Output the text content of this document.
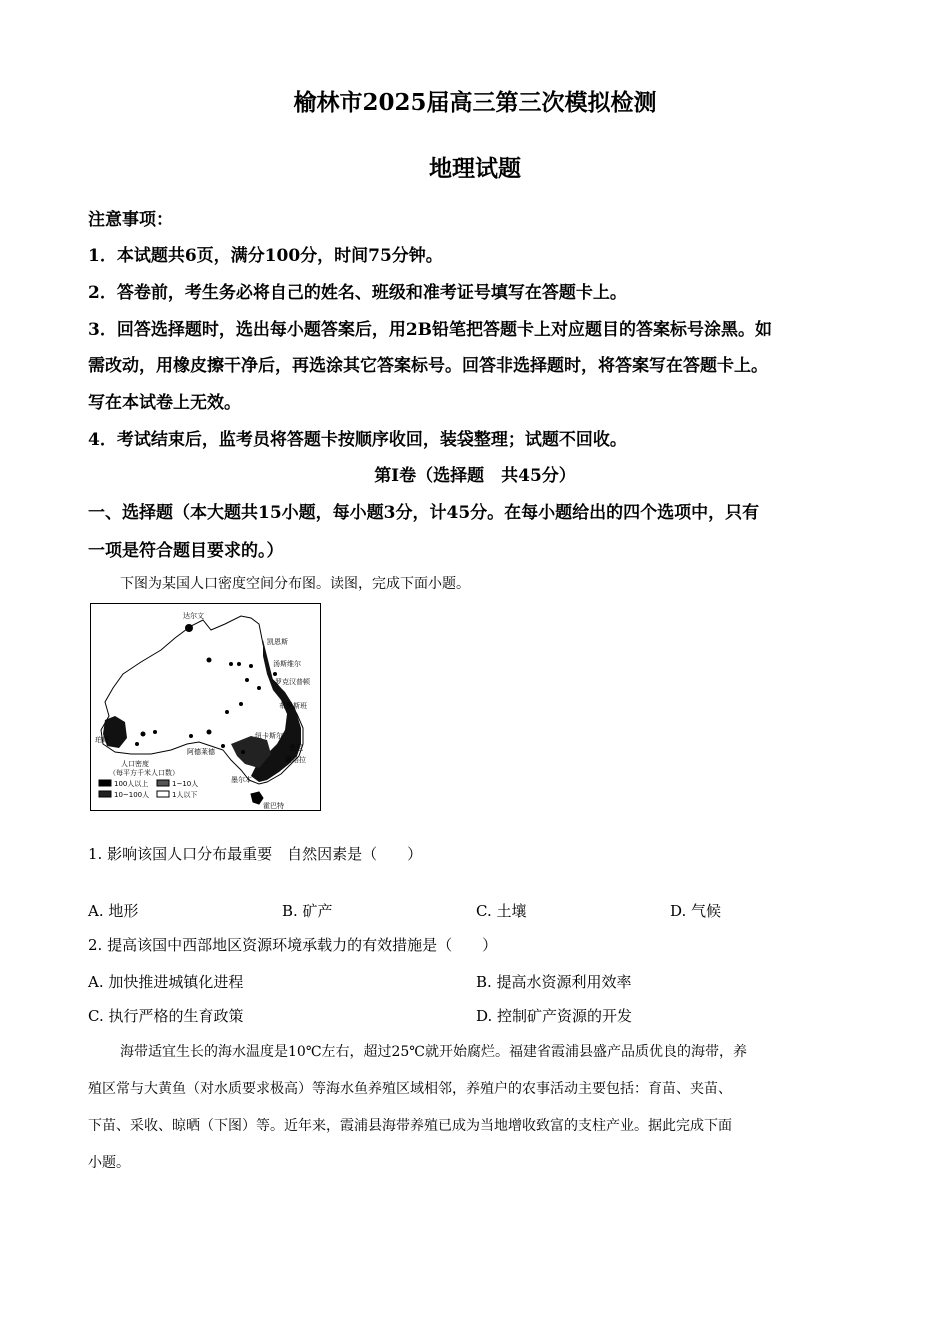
榆林市2025届高三第三次模拟检测
地理试题
注意事项：
1．本试题共6页，满分100分，时间75分钟。
2．答卷前，考生务必将自己的姓名、班级和准考证号填写在答题卡上。
3．回答选择题时，选出每小题答案后，用2B铅笔把答题卡上对应题目的答案标号涂黑。如
需改动，用橡皮擦干净后，再选涂其它答案标号。回答非选择题时，将答案写在答题卡上。
写在本试卷上无效。
4．考试结束后，监考员将答题卡按顺序收回，装袋整理；试题不回收。
第Ⅰ卷（选择题　共45分）
一、选择题（本大题共15小题，每小题3分，计45分。在每小题给出的四个选项中，只有
一项是符合题目要求的。）
下图为某国人口密度空间分布图。读图，完成下面小题。
达尔文
凯恩斯
汤斯维尔
罗克汉普顿
布里斯班
纽卡斯尔
悉尼
堪培拉
墨尔本
阿德莱德
珀斯
霍巴特
人口密度
（每平方千米人口数）
100人以上	1~10人
10~100人	1人以下
1. 影响该国人口分布最重要　自然因素是（　　）
A. 地形	B. 矿产	C. 土壤	D. 气候
2. 提高该国中西部地区资源环境承载力的有效措施是（　　）
A. 加快推进城镇化进程	B. 提高水资源利用效率
C. 执行严格的生育政策	D. 控制矿产资源的开发
海带适宜生长的海水温度是10℃左右，超过25℃就开始腐烂。福建省霞浦县盛产品质优良的海带，养
殖区常与大黄鱼（对水质要求极高）等海水鱼养殖区域相邻，养殖户的农事活动主要包括：育苗、夹苗、
下苗、采收、晾晒（下图）等。近年来，霞浦县海带养殖已成为当地增收致富的支柱产业。据此完成下面
小题。
